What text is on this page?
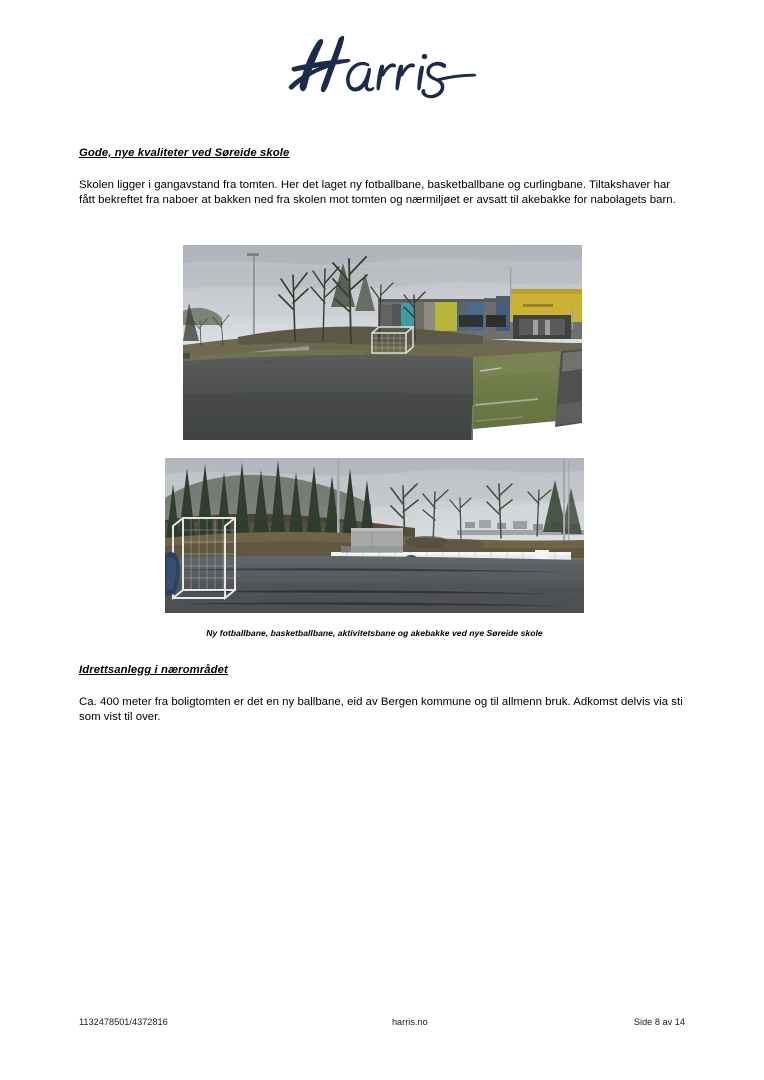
Gode, nye kvaliteter ved Søreide skole

Skolen ligger i gangavstand fra tomten. Her det laget ny fotballbane, basketballbane og curlingbane. Tiltakshaver har fått bekreftet fra naboer at bakken ned fra skolen mot tomten og nærmiljøet er avsatt til akebakke for nabolagets barn.

Ny fotballbane, basketballbane, aktivitetsbane og akebakke ved nye Søreide skole
Idrettsanlegg i nærområdet

Ca. 400 meter fra boligtomten er det en ny ballbane, eid av Bergen kommune og til allmenn bruk. Adkomst delvis via sti som vist til over.

1132478501/4372816	harris.no	Side 8 av 14
